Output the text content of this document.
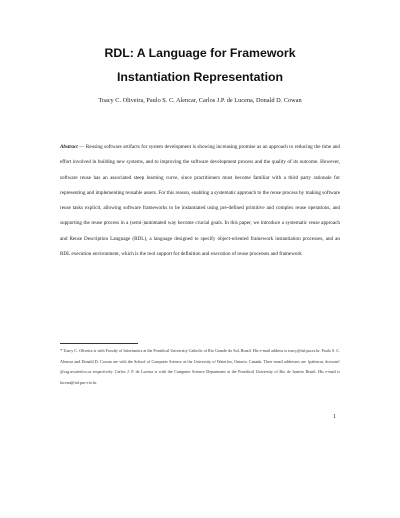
RDL: A Language for Framework
Instantiation Representation
Toacy C. Oliveira, Paulo S. C. Alencar, Carlos J.P. de Lucena, Donald D. Cowan
Abstract — Reusing software artifacts for system development is showing increasing promise as an approach to reducing the time and effort involved in building new systems, and to improving the software development process and the quality of its outcome. However, software reuse has an associated steep learning curve, since practitioners must become familiar with a third party rationale for representing and implementing reusable assets. For this reason, enabling a systematic approach to the reuse process by making software reuse tasks explicit, allowing software frameworks to be instantiated using pre-defined primitive and complex reuse operations, and supporting the reuse process in a (semi-)automated way become crucial goals. In this paper, we introduce a systematic reuse approach and Reuse Description Language (RDL), a language designed to specify object-oriented framework instantiation processes, and an RDL execution environment, which is the tool support for definition and execution of reuse processes and framework
*Toacy C. Oliveira is with Faculty of Informatics at the Pontifical University Catholic of Rio Grande do Sul, Brazil. His e-mail address is toacy@inf.pucrs.br. Paulo S. C. Alencar and Donald D. Cowan are with the School of Computer Science at the University of Waterloo, Ontario, Canada. Their email addresses are {palencar, dcowan} @csg.uwaterloo.ca respectively. Carlos J. P. de Lucena is with the Computer Science Department at the Pontifical University of Rio de Janeiro Brazil. His e-mail is lucena@inf.puc-rio.br.
1
